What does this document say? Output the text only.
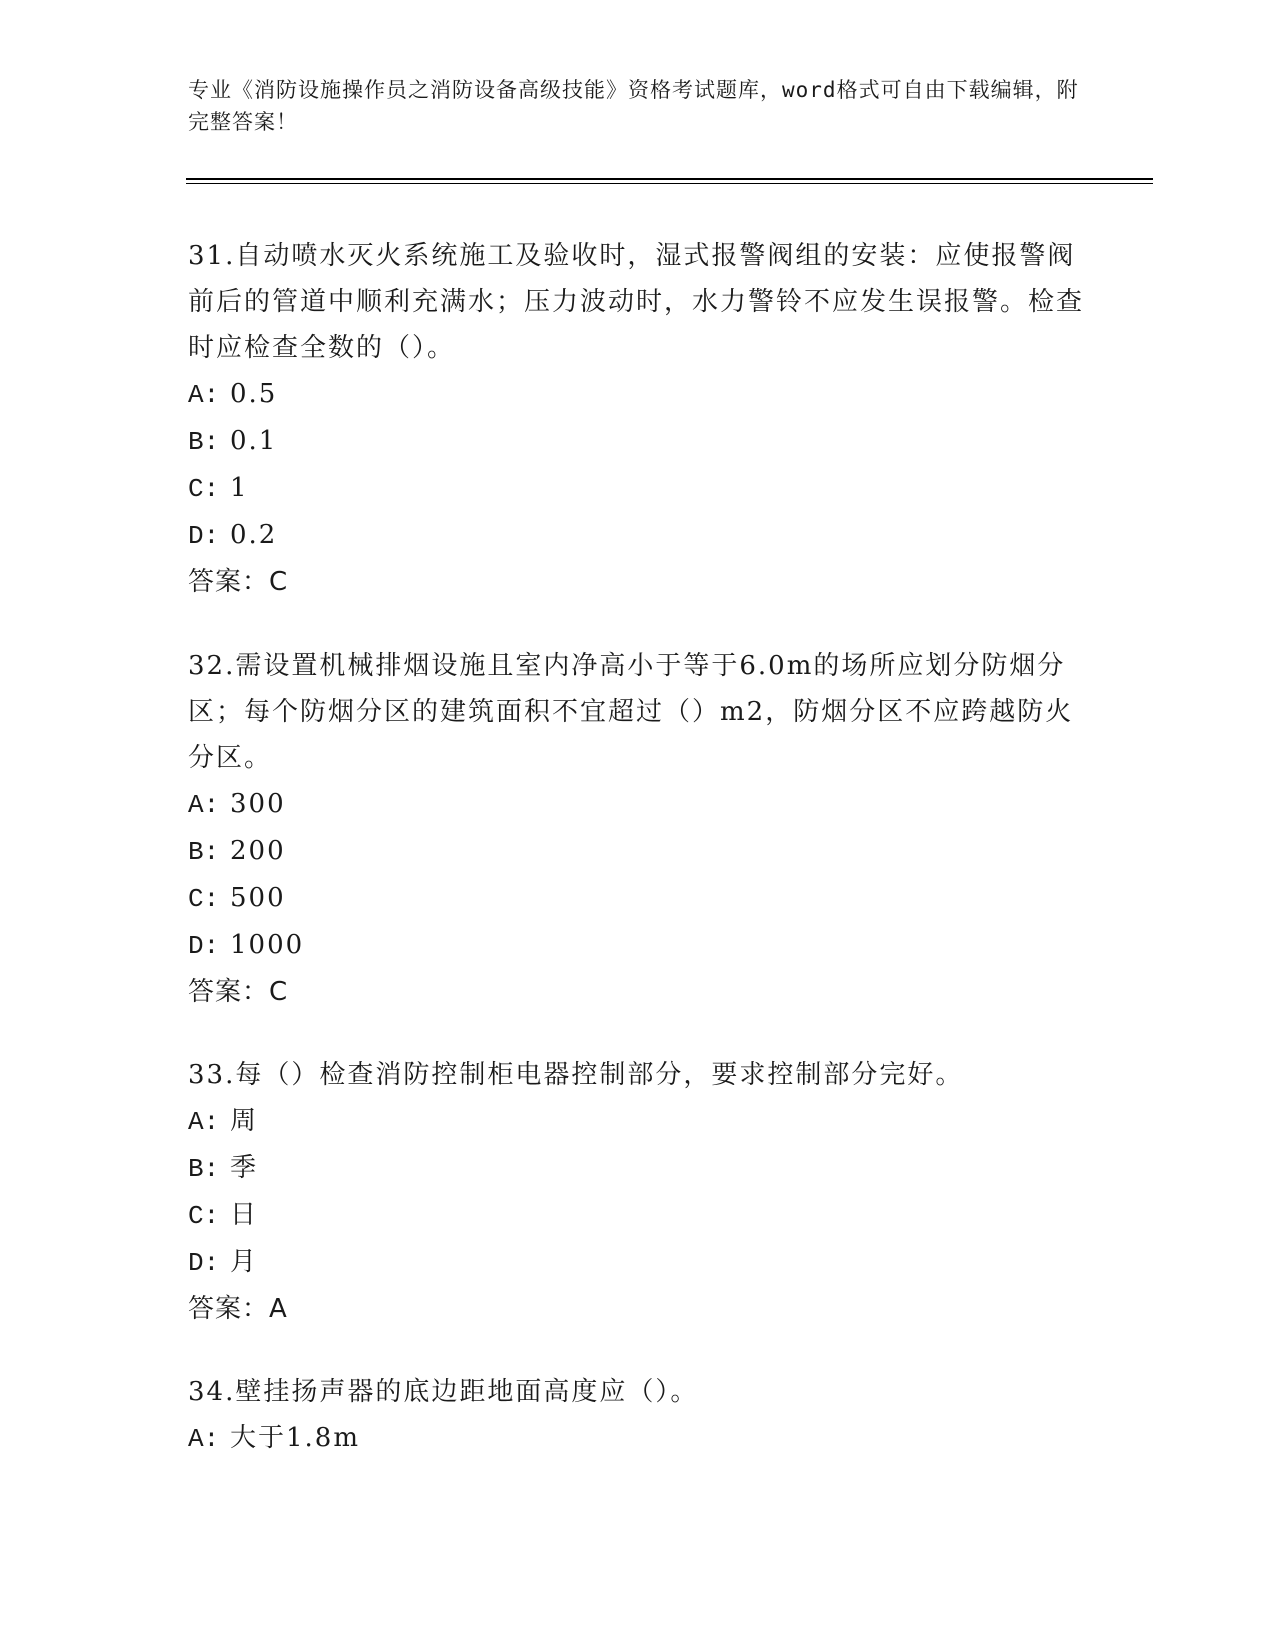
专业《消防设施操作员之消防设备高级技能》资格考试题库，word格式可自由下载编辑，附完整答案！

31.自动喷水灭火系统施工及验收时，湿式报警阀组的安装：应使报警阀前后的管道中顺利充满水；压力波动时，水力警铃不应发生误报警。检查时应检查全数的（）。

A: 0.5

B: 0.1

C: 1

D: 0.2

答案：C

32.需设置机械排烟设施且室内净高小于等于6.0m的场所应划分防烟分区；每个防烟分区的建筑面积不宜超过（）m2，防烟分区不应跨越防火分区。

A: 300

B: 200

C: 500

D: 1000

答案：C

33.每（）检查消防控制柜电器控制部分，要求控制部分完好。

A: 周

B: 季

C: 日

D: 月

答案：A

34.壁挂扬声器的底边距地面高度应（）。

A: 大于1.8m
